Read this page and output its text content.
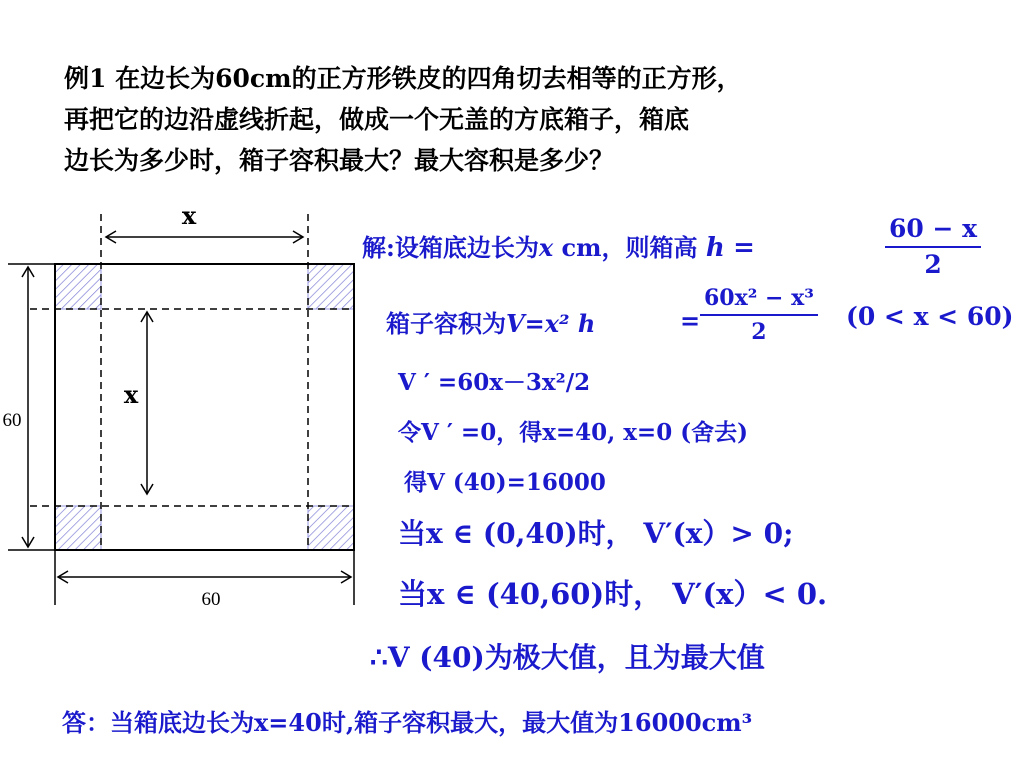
例1 在边长为60cm的正方形铁皮的四角切去相等的正方形，
再把它的边沿虚线折起，做成一个无盖的方底箱子，箱底
边长为多少时，箱子容积最大？最大容积是多少？
x
x
60
60
解:设箱底边长为x cm，则箱高 h =	$\frac{60 - x}{2}$
箱子容积为V=x² h	= $\frac{\text{60x² − x³}}{2} (0 < x < 60)$
V ′ =60x－3x²/2
令V ′ =0，得x=40, x=0 (舍去)
得V (40)=16000
当x ∈ (0,40)时， V′(x）> 0;
当x ∈ (40,60)时， V′(x）< 0.
∴V (40)为极大值，且为最大值
答：当箱底边长为x=40时,箱子容积最大，最大值为16000cm³
